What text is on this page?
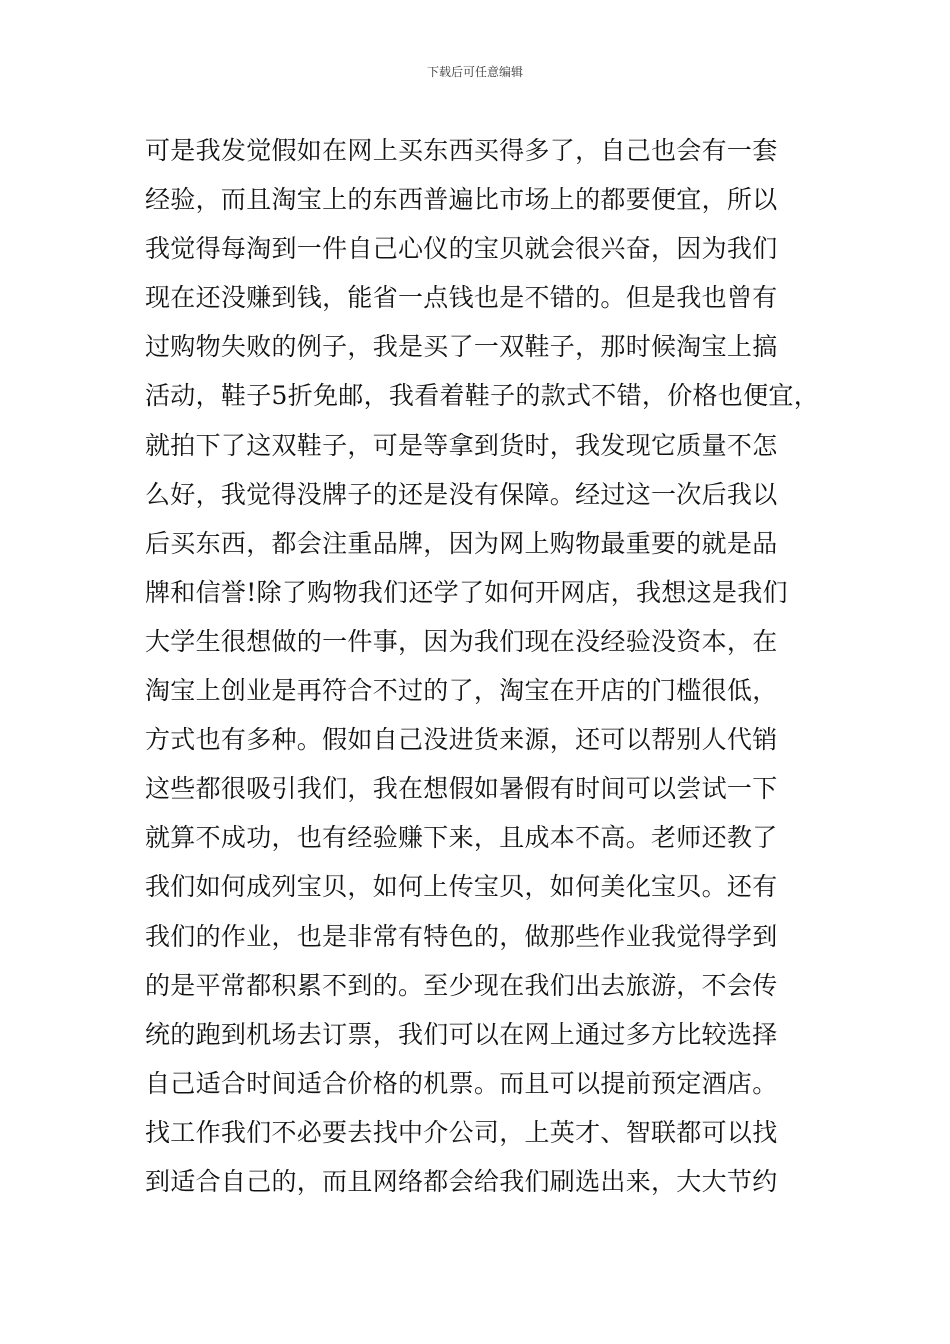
下载后可任意编辑
可是我发觉假如在网上买东西买得多了，自己也会有一套
经验，而且淘宝上的东西普遍比市场上的都要便宜，所以
我觉得每淘到一件自己心仪的宝贝就会很兴奋，因为我们
现在还没赚到钱，能省一点钱也是不错的。但是我也曾有
过购物失败的例子，我是买了一双鞋子，那时候淘宝上搞
活动，鞋子5折免邮，我看着鞋子的款式不错，价格也便宜，
就拍下了这双鞋子，可是等拿到货时，我发现它质量不怎
么好，我觉得没牌子的还是没有保障。经过这一次后我以
后买东西，都会注重品牌，因为网上购物最重要的就是品
牌和信誉!除了购物我们还学了如何开网店，我想这是我们
大学生很想做的一件事，因为我们现在没经验没资本，在
淘宝上创业是再符合不过的了，淘宝在开店的门槛很低，
方式也有多种。假如自己没进货来源，还可以帮别人代销
这些都很吸引我们，我在想假如暑假有时间可以尝试一下
就算不成功，也有经验赚下来，且成本不高。老师还教了
我们如何成列宝贝，如何上传宝贝，如何美化宝贝。还有
我们的作业，也是非常有特色的，做那些作业我觉得学到
的是平常都积累不到的。至少现在我们出去旅游，不会传
统的跑到机场去订票，我们可以在网上通过多方比较选择
自己适合时间适合价格的机票。而且可以提前预定酒店。
找工作我们不必要去找中介公司，上英才、智联都可以找
到适合自己的，而且网络都会给我们刷选出来，大大节约
